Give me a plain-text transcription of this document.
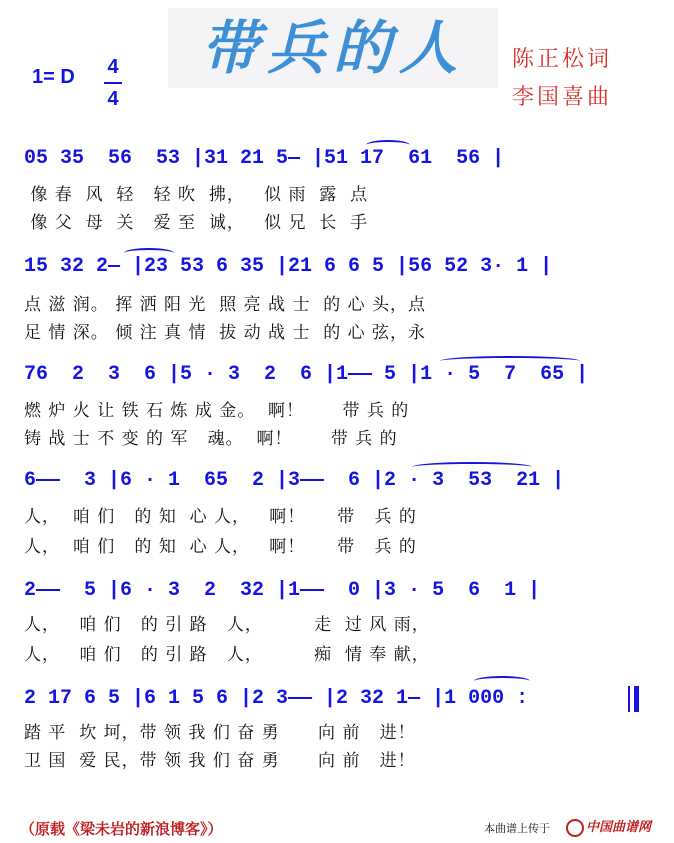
带兵的人
1= D 4
4
陈正松词
李国喜曲
05 35  56  53 |31 21 5— |51 17  61  56 |
像 春  风  轻   轻 吹  拂，   似 雨  露  点
像 父  母  关   爱 至  诚，   似 兄  长  手
15 32 2— |23 53 6 35 |21 6 6 5 |56 52 3· 1 |
点 滋 润。 挥 洒 阳 光  照 亮 战 士  的 心 头，点
足 情 深。 倾 注 真 情  拔 动 战 士  的 心 弦，永
76  2  3  6 |5 · 3  2  6 |1—— 5 |1 · 5  7  65 |
燃 炉 火 让 铁 石 炼 成 金。  啊！      带 兵 的
铸 战 士 不 变 的 军   魂。  啊！      带 兵 的
6——  3 |6 · 1  65  2 |3——  6 |2 · 3  53  21 |
人，  咱 们   的 知  心 人，   啊！     带   兵 的
人，  咱 们   的 知  心 人，   啊！     带   兵 的
2——  5 |6 · 3  2  32 |1——  0 |3 · 5  6  1 |
人，   咱 们   的 引 路   人，        走  过 风 雨，
人，   咱 们   的 引 路   人，        痴  情 奉 献，
2 17 6 5 |6 1 5 6 |2 3—— |2 32 1— |1 000 :
踏 平  坎 坷，带 领 我 们 奋 勇      向 前   进！
卫 国  爱 民，带 领 我 们 奋 勇      向 前   进！
（原载《梁未岩的新浪博客》）	本曲谱上传于	中国曲谱网
